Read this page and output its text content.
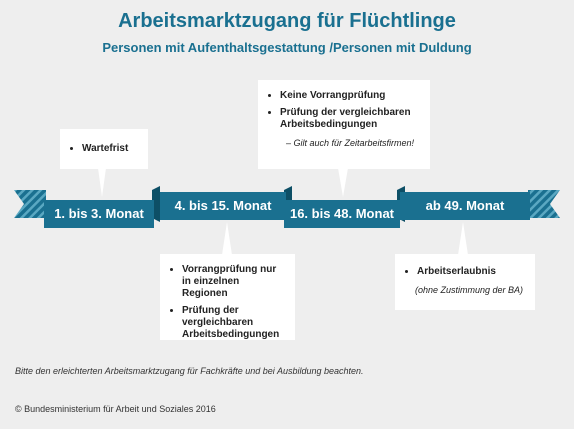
Arbeitsmarktzugang für Flüchtlinge
Personen mit Aufenthaltsgestattung /Personen mit Duldung
1. bis 3. Monat
4. bis 15. Monat
16. bis 48. Monat
ab 49. Monat
• Wartefrist
• Vorrangprüfung nur in einzelnen Regionen
• Prüfung der vergleichbaren Arbeitsbedingungen
• Keine Vorrangprüfung
• Prüfung der vergleichbaren Arbeitsbedingungen
– Gilt auch für Zeitarbeitsfirmen!
• Arbeitserlaubnis
(ohne Zustimmung der BA)
Bitte den erleichterten Arbeitsmarktzugang für Fachkräfte und bei Ausbildung beachten.
© Bundesministerium für Arbeit und Soziales 2016
